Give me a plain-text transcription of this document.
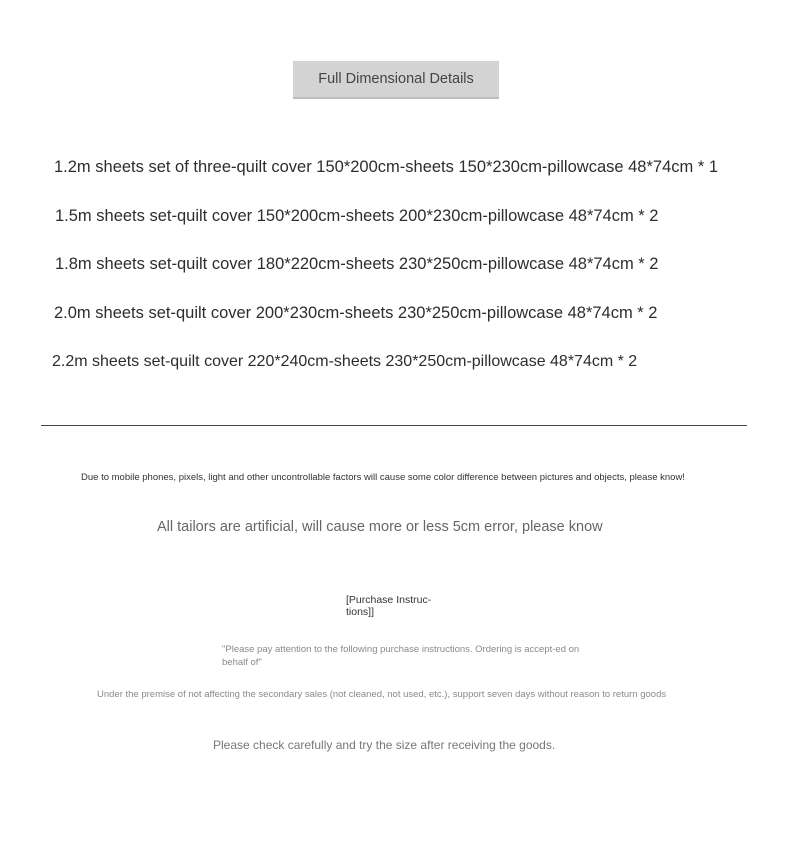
Full Dimensional Details
1.2m sheets set of three-quilt cover 150*200cm-sheets 150*230cm-pillowcase 48*74cm * 1
1.5m sheets set-quilt cover 150*200cm-sheets 200*230cm-pillowcase 48*74cm * 2
1.8m sheets set-quilt cover 180*220cm-sheets 230*250cm-pillowcase 48*74cm * 2
2.0m sheets set-quilt cover 200*230cm-sheets 230*250cm-pillowcase 48*74cm * 2
2.2m sheets set-quilt cover 220*240cm-sheets 230*250cm-pillowcase 48*74cm * 2
Due to mobile phones, pixels, light and other uncontrollable factors will cause some color difference between pictures and objects, please know!
All tailors are artificial, will cause more or less 5cm error, please know
[Purchase Instruc-tions]]
"Please pay attention to the following purchase instructions. Ordering is accept-ed on behalf of"
Under the premise of not affecting the secondary sales (not cleaned, not used, etc.), support seven days without reason to return goods
Please check carefully and try the size after receiving the goods.
